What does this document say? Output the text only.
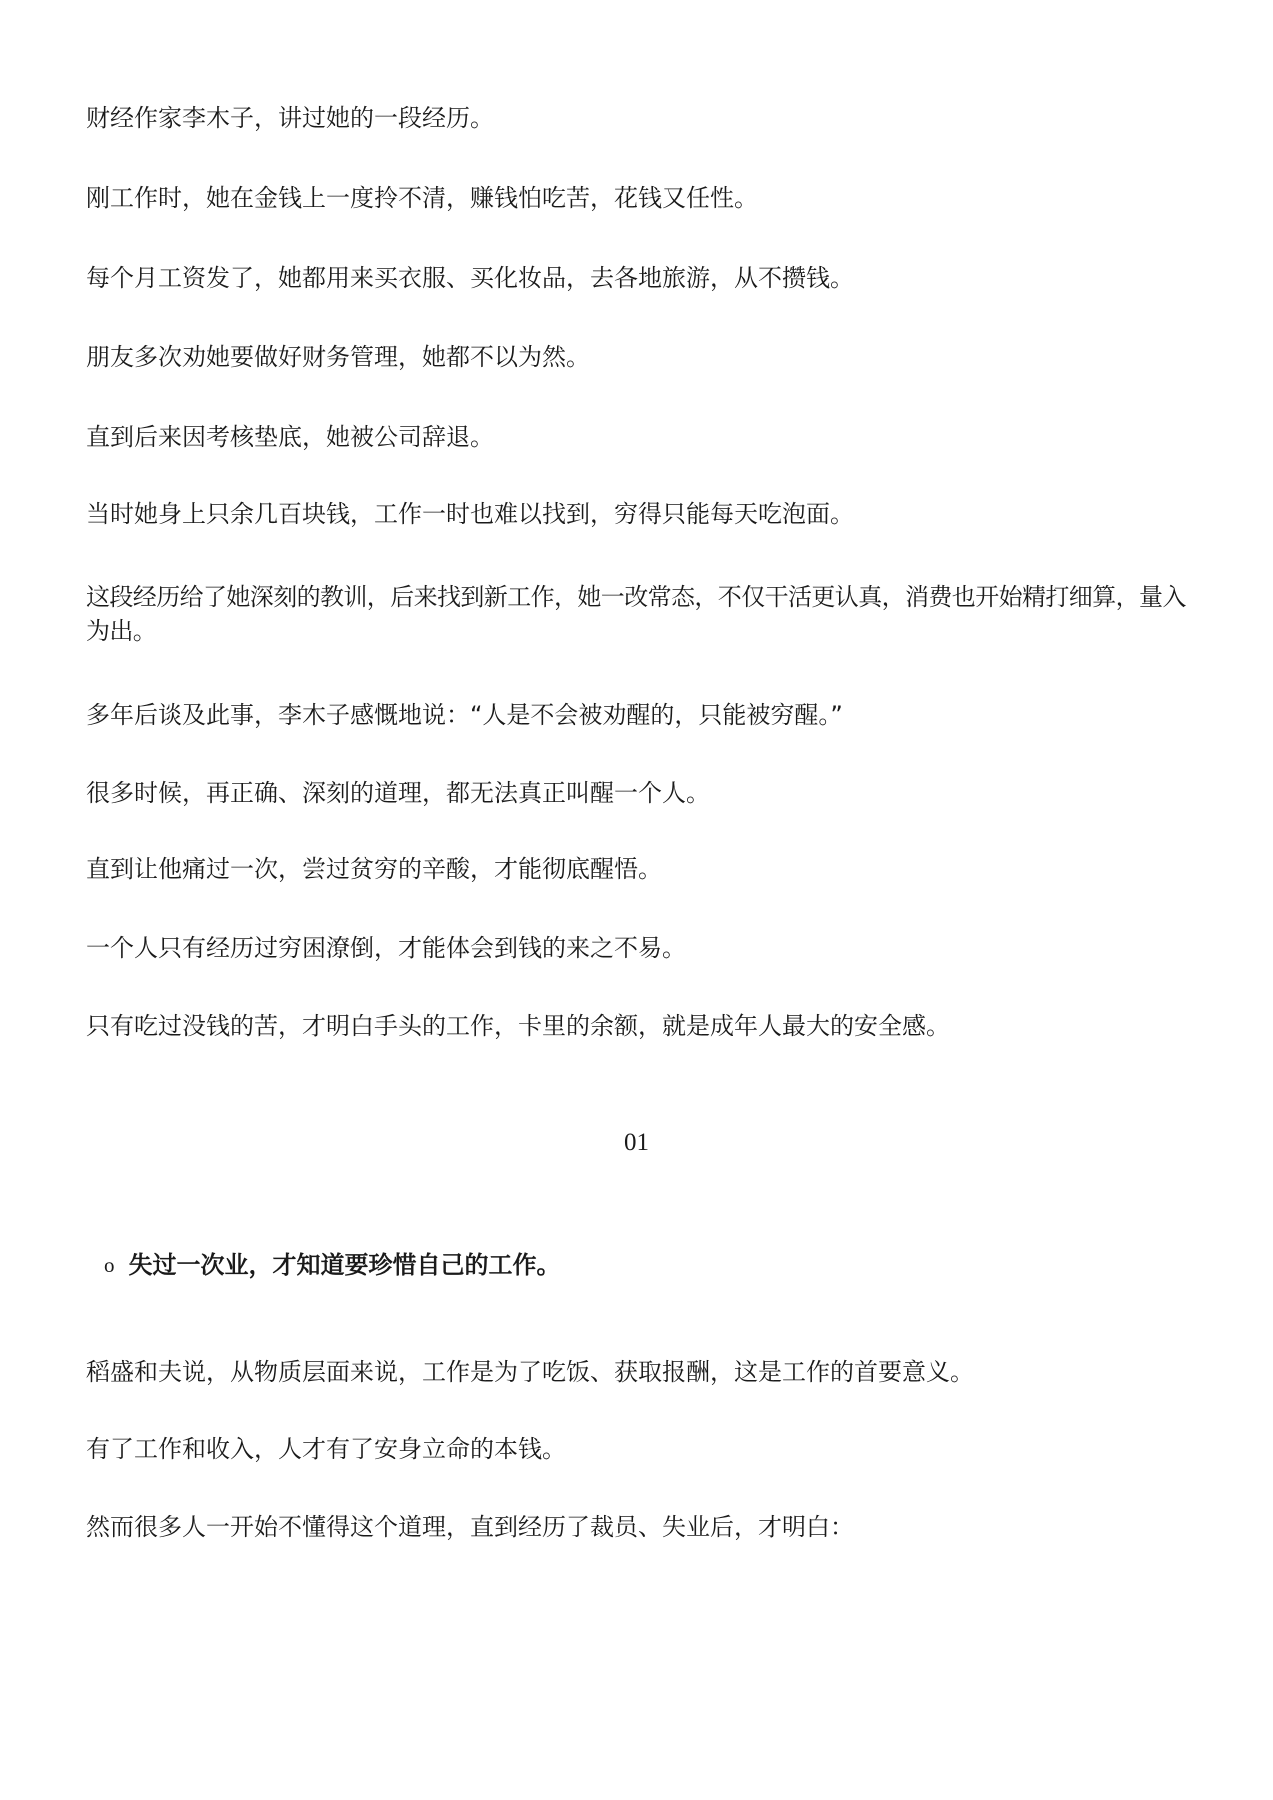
财经作家李木子，讲过她的一段经历。

刚工作时，她在金钱上一度拎不清，赚钱怕吃苦，花钱又任性。

每个月工资发了，她都用来买衣服、买化妆品，去各地旅游，从不攒钱。

朋友多次劝她要做好财务管理，她都不以为然。

直到后来因考核垫底，她被公司辞退。

当时她身上只余几百块钱，工作一时也难以找到，穷得只能每天吃泡面。

这段经历给了她深刻的教训，后来找到新工作，她一改常态，不仅干活更认真，消费也开始精打细算，量入为出。

多年后谈及此事，李木子感慨地说：“人是不会被劝醒的，只能被穷醒。”

很多时候，再正确、深刻的道理，都无法真正叫醒一个人。

直到让他痛过一次，尝过贫穷的辛酸，才能彻底醒悟。

一个人只有经历过穷困潦倒，才能体会到钱的来之不易。

只有吃过没钱的苦，才明白手头的工作，卡里的余额，就是成年人最大的安全感。

01

o 失过一次业，才知道要珍惜自己的工作。

稻盛和夫说，从物质层面来说，工作是为了吃饭、获取报酬，这是工作的首要意义。

有了工作和收入，人才有了安身立命的本钱。

然而很多人一开始不懂得这个道理，直到经历了裁员、失业后，才明白：
